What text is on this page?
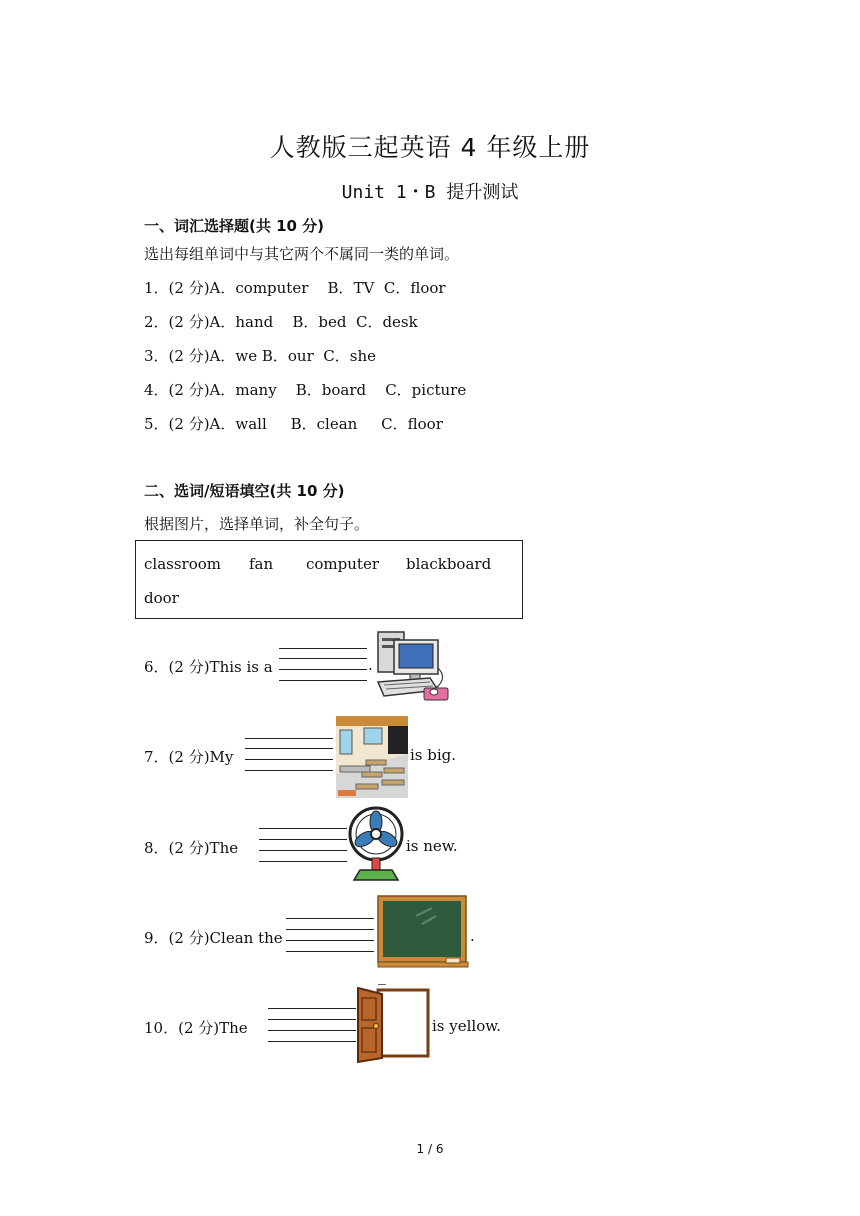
人教版三起英语 4 年级上册
Unit 1・B 提升测试
一、词汇选择题(共 10 分)
选出每组单词中与其它两个不属同一类的单词。
1．(2 分)A．computer    B．TV  C．floor
2．(2 分)A．hand    B．bed  C．desk
3．(2 分)A．we B．our  C．she
4．(2 分)A．many    B．board    C．picture
5．(2 分)A．wall     B．clean     C．floor
二、选词/短语填空(共 10 分)
根据图片，选择单词，补全句子。
classroom fan computer blackboard
door
6．(2 分)This is a	.
7．(2 分)My	is big.
8．(2 分)The	is new.
9．(2 分)Clean the	.
10．(2 分)The	is yellow.
1 / 6
